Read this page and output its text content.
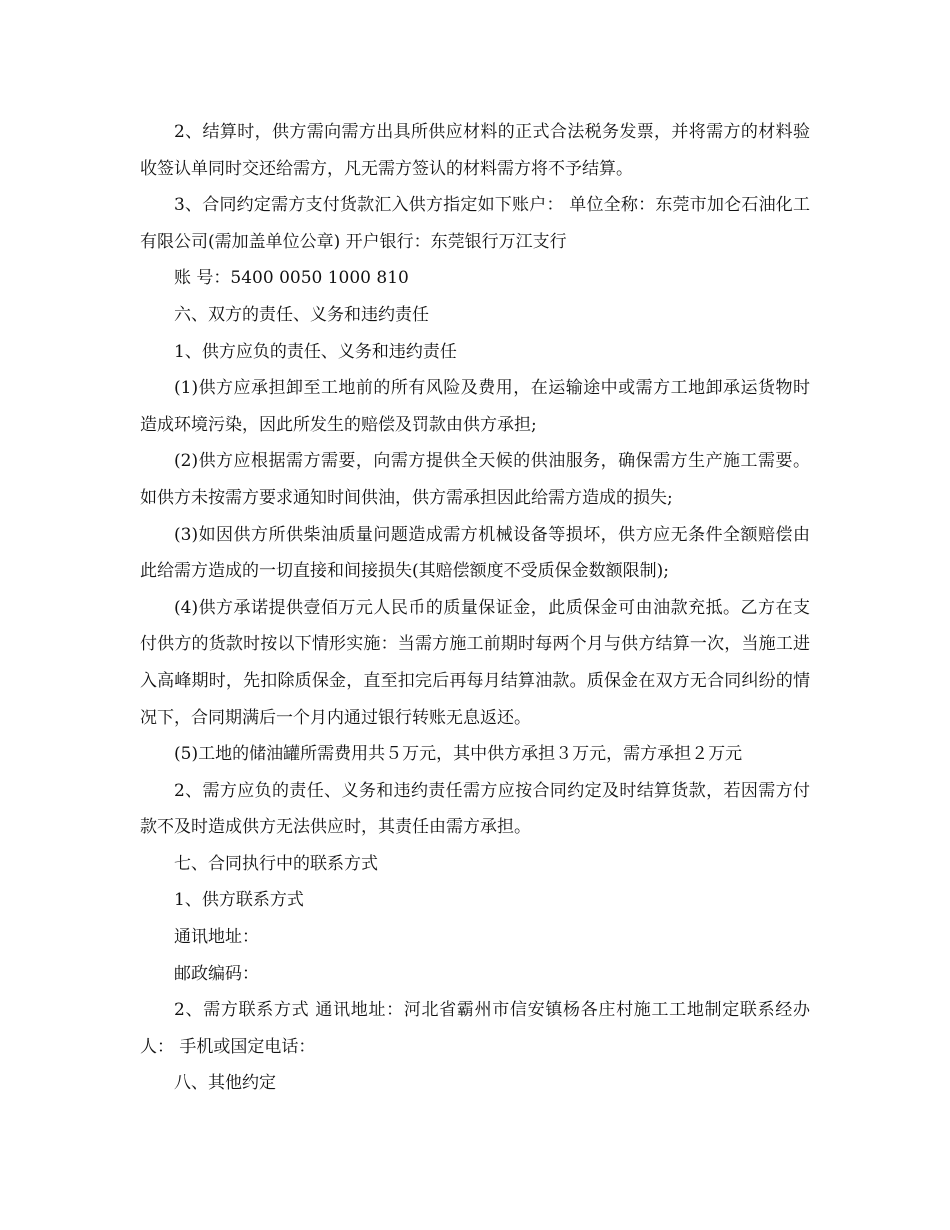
2、结算时，供方需向需方出具所供应材料的正式合法税务发票，并将需方的材料验收签认单同时交还给需方，凡无需方签认的材料需方将不予结算。

3、合同约定需方支付货款汇入供方指定如下账户： 单位全称：东莞市加仑石油化工有限公司(需加盖单位公章) 开户银行：东莞银行万江支行

账 号：5400 0050 1000 810

六、双方的责任、义务和违约责任

1、供方应负的责任、义务和违约责任

(1)供方应承担卸至工地前的所有风险及费用，在运输途中或需方工地卸承运货物时造成环境污染，因此所发生的赔偿及罚款由供方承担;

(2)供方应根据需方需要，向需方提供全天候的供油服务，确保需方生产施工需要。如供方未按需方要求通知时间供油，供方需承担因此给需方造成的损失;

(3)如因供方所供柴油质量问题造成需方机械设备等损坏，供方应无条件全额赔偿由此给需方造成的一切直接和间接损失(其赔偿额度不受质保金数额限制);

(4)供方承诺提供壹佰万元人民币的质量保证金，此质保金可由油款充抵。乙方在支付供方的货款时按以下情形实施：当需方施工前期时每两个月与供方结算一次，当施工进入高峰期时，先扣除质保金，直至扣完后再每月结算油款。质保金在双方无合同纠纷的情况下，合同期满后一个月内通过银行转账无息返还。

(5)工地的储油罐所需费用共５万元，其中供方承担３万元，需方承担２万元

2、需方应负的责任、义务和违约责任需方应按合同约定及时结算货款，若因需方付款不及时造成供方无法供应时，其责任由需方承担。

七、合同执行中的联系方式

1、供方联系方式

通讯地址：

邮政编码：

2、需方联系方式 通讯地址：河北省霸州市信安镇杨各庄村施工工地制定联系经办人： 手机或国定电话：

八、其他约定
